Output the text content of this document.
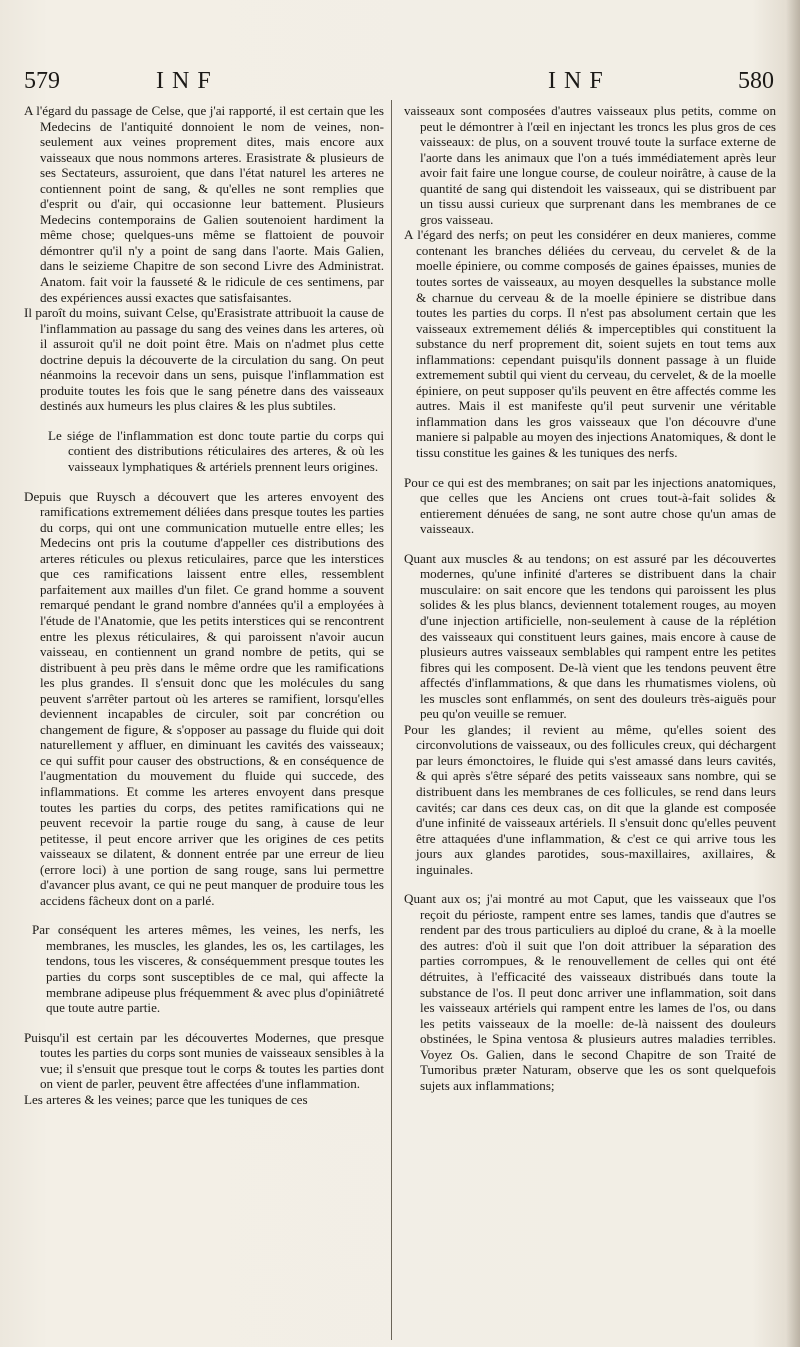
579	INF	INF	580

A l'égard du passage de Celse, que j'ai rapporté, il est certain que les Medecins de l'antiquité donnoient le nom de veines, non-seulement aux veines proprement dites, mais encore aux vaisseaux que nous nommons arteres. Erasistrate & plusieurs de ses Sectateurs, assuroient, que dans l'état naturel les arteres ne contiennent point de sang, & qu'elles ne sont remplies que d'esprit ou d'air, qui occasionne leur battement. Plusieurs Medecins contemporains de Galien soutenoient hardiment la même chose; quelques-uns même se flattoient de pouvoir démontrer qu'il n'y a point de sang dans l'aorte. Mais Galien, dans le seizieme Chapitre de son second Livre des Administrat. Anatom. fait voir la fausseté & le ridicule de ces sentimens, par des expériences aussi exactes que satisfaisantes.

Il paroît du moins, suivant Celse, qu'Erasistrate attribuoit la cause de l'inflammation au passage du sang des veines dans les arteres, où il assuroit qu'il ne doit point être. Mais on n'admet plus cette doctrine depuis la découverte de la circulation du sang. On peut néanmoins la recevoir dans un sens, puisque l'inflammation est produite toutes les fois que le sang pénetre dans des vaisseaux destinés aux humeurs les plus claires & les plus subtiles.

Le siége de l'inflammation est donc toute partie du corps qui contient des distributions réticulaires des arteres, & où les vaisseaux lymphatiques & artériels prennent leurs origines.

Depuis que Ruysch a découvert que les arteres envoyent des ramifications extremement déliées dans presque toutes les parties du corps, qui ont une communication mutuelle entre elles; les Medecins ont pris la coutume d'appeller ces distributions des arteres réticules ou plexus reticulaires, parce que les interstices que ces ramifications laissent entre elles, ressemblent parfaitement aux mailles d'un filet. Ce grand homme a souvent remarqué pendant le grand nombre d'années qu'il a employées à l'étude de l'Anatomie, que les petits interstices qui se rencontrent entre les plexus réticulaires, & qui paroissent n'avoir aucun vaisseau, en contiennent un grand nombre de petits, qui se distribuent à peu près dans le même ordre que les ramifications les plus grandes. Il s'ensuit donc que les molécules du sang peuvent s'arrêter partout où les arteres se ramifient, lorsqu'elles deviennent incapables de circuler, soit par concrétion ou changement de figure, & s'opposer au passage du fluide qui doit naturellement y affluer, en diminuant les cavités des vaisseaux; ce qui suffit pour causer des obstructions, & en conséquence de l'augmentation du mouvement du fluide qui succede, des inflammations. Et comme les arteres envoyent dans presque toutes les parties du corps, des petites ramifications qui ne peuvent recevoir la partie rouge du sang, à cause de leur petitesse, il peut encore arriver que les origines de ces petits vaisseaux se dilatent, & donnent entrée par une erreur de lieu (errore loci) à une portion de sang rouge, sans lui permettre d'avancer plus avant, ce qui ne peut manquer de produire tous les accidens fâcheux dont on a parlé.

Par conséquent les arteres mêmes, les veines, les nerfs, les membranes, les muscles, les glandes, les os, les cartilages, les tendons, tous les visceres, & conséquemment presque toutes les parties du corps sont susceptibles de ce mal, qui affecte la membrane adipeuse plus fréquemment & avec plus d'opiniâtreté que toute autre partie.

Puisqu'il est certain par les découvertes Modernes, que presque toutes les parties du corps sont munies de vaisseaux sensibles à la vue; il s'ensuit que presque tout le corps & toutes les parties dont on vient de parler, peuvent être affectées d'une inflammation.

Les arteres & les veines; parce que les tuniques de ces

vaisseaux sont composées d'autres vaisseaux plus petits, comme on peut le démontrer à l'œil en injectant les troncs les plus gros de ces vaisseaux: de plus, on a souvent trouvé toute la surface externe de l'aorte dans les animaux que l'on a tués immédiatement après leur avoir fait faire une longue course, de couleur noirâtre, à cause de la quantité de sang qui distendoit les vaisseaux, qui se distribuent par un tissu aussi curieux que surprenant dans les membranes de ce gros vaisseau.

A l'égard des nerfs; on peut les considérer en deux manieres, comme contenant les branches déliées du cerveau, du cervelet & de la moelle épiniere, ou comme composés de gaines épaisses, munies de toutes sortes de vaisseaux, au moyen desquelles la substance molle & charnue du cerveau & de la moelle épiniere se distribue dans toutes les parties du corps. Il n'est pas absolument certain que les vaisseaux extremement déliés & imperceptibles qui constituent la substance du nerf proprement dit, soient sujets en tout tems aux inflammations: cependant puisqu'ils donnent passage à un fluide extremement subtil qui vient du cerveau, du cervelet, & de la moelle épiniere, on peut supposer qu'ils peuvent en être affectés comme les autres. Mais il est manifeste qu'il peut survenir une véritable inflammation dans les gros vaisseaux que l'on découvre d'une maniere si palpable au moyen des injections Anatomiques, & dont le tissu constitue les gaines & les tuniques des nerfs.

Pour ce qui est des membranes; on sait par les injections anatomiques, que celles que les Anciens ont crues tout-à-fait solides & entierement dénuées de sang, ne sont autre chose qu'un amas de vaisseaux.

Quant aux muscles & au tendons; on est assuré par les découvertes modernes, qu'une infinité d'arteres se distribuent dans la chair musculaire: on sait encore que les tendons qui paroissent les plus solides & les plus blancs, deviennent totalement rouges, au moyen d'une injection artificielle, non-seulement à cause de la réplétion des vaisseaux qui constituent leurs gaines, mais encore à cause de plusieurs autres vaisseaux semblables qui rampent entre les petites fibres qui les composent. De-là vient que les tendons peuvent être affectés d'inflammations, & que dans les rhumatismes violens, où les muscles sont enflammés, on sent des douleurs très-aiguës pour peu qu'on veuille se remuer.

Pour les glandes; il revient au même, qu'elles soient des circonvolutions de vaisseaux, ou des follicules creux, qui déchargent par leurs émonctoires, le fluide qui s'est amassé dans leurs cavités, & qui après s'être séparé des petits vaisseaux sans nombre, qui se distribuent dans les membranes de ces follicules, se rend dans leurs cavités; car dans ces deux cas, on dit que la glande est composée d'une infinité de vaisseaux artériels. Il s'ensuit donc qu'elles peuvent être attaquées d'une inflammation, & c'est ce qui arrive tous les jours aux glandes parotides, sous-maxillaires, axillaires, & inguinales.

Quant aux os; j'ai montré au mot Caput, que les vaisseaux que l'os reçoit du périoste, rampent entre ses lames, tandis que d'autres se rendent par des trous particuliers au diploé du crane, & à la moelle des autres: d'où il suit que l'on doit attribuer la séparation des parties corrompues, & le renouvellement de celles qui ont été détruites, à l'efficacité des vaisseaux distribués dans toute la substance de l'os. Il peut donc arriver une inflammation, soit dans les vaisseaux artériels qui rampent entre les lames de l'os, ou dans les petits vaisseaux de la moelle: de-là naissent des douleurs obstinées, le Spina ventosa & plusieurs autres maladies terribles. Voyez Os. Galien, dans le second Chapitre de son Traité de Tumoribus præter Naturam, observe que les os sont quelquefois sujets aux inflammations;
